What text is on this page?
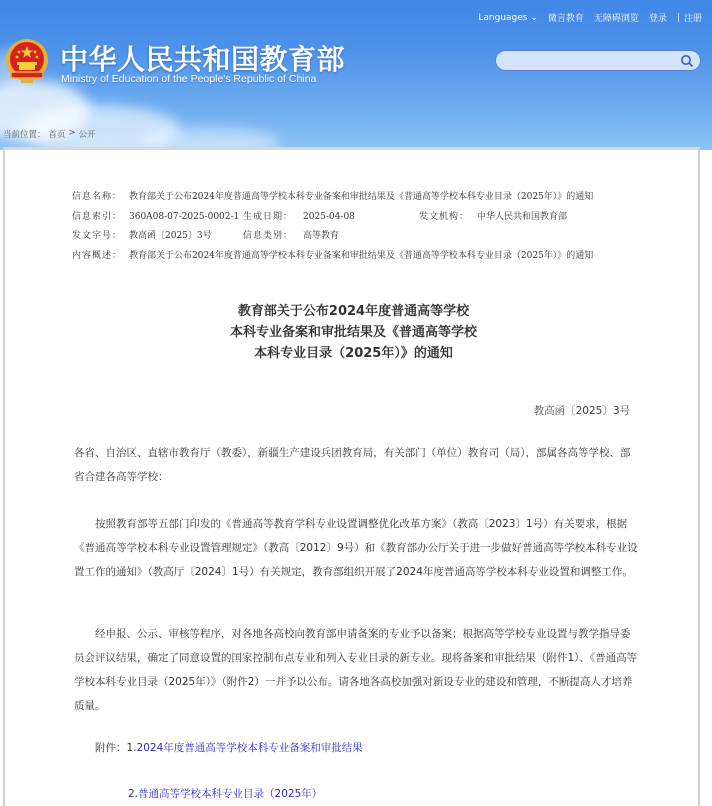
中华人民共和国教育部
Ministry of Education of the People's Republic of China
Languages ⌄ 微言教育 无障碍浏览 登录 | 注册
当前位置： 首页 > 公开
信息名称： 教育部关于公布2024年度普通高等学校本科专业备案和审批结果及《普通高等学校本科专业目录（2025年）》的通知
信息索引： 360A08-07-2025-0002-1 生成日期：	2025-04-08	发文机构： 中华人民共和国教育部
发文字号： 教高函〔2025〕3号	信息类别：	高等教育
内容概述： 教育部关于公布2024年度普通高等学校本科专业备案和审批结果及《普通高等学校本科专业目录（2025年）》的通知
教育部关于公布2024年度普通高等学校
本科专业备案和审批结果及《普通高等学校
本科专业目录（2025年）》的通知
教高函〔2025〕3号
各省、自治区、直辖市教育厅（教委），新疆生产建设兵团教育局，有关部门（单位）教育司（局），部属各高等学校、部省合建各高等学校：
按照教育部等五部门印发的《普通高等教育学科专业设置调整优化改革方案》（教高〔2023〕1号）有关要求，根据《普通高等学校本科专业设置管理规定》（教高〔2012〕9号）和《教育部办公厅关于进一步做好普通高等学校本科专业设置工作的通知》（教高厅〔2024〕1号）有关规定，教育部组织开展了2024年度普通高等学校本科专业设置和调整工作。
经申报、公示、审核等程序，对各地各高校向教育部申请备案的专业予以备案；根据高等学校专业设置与教学指导委员会评议结果，确定了同意设置的国家控制布点专业和列入专业目录的新专业。现将备案和审批结果（附件1）、《普通高等学校本科专业目录（2025年）》（附件2）一并予以公布。请各地各高校加强对新设专业的建设和管理，不断提高人才培养质量。
附件：1.2024年度普通高等学校本科专业备案和审批结果
2.普通高等学校本科专业目录（2025年）
